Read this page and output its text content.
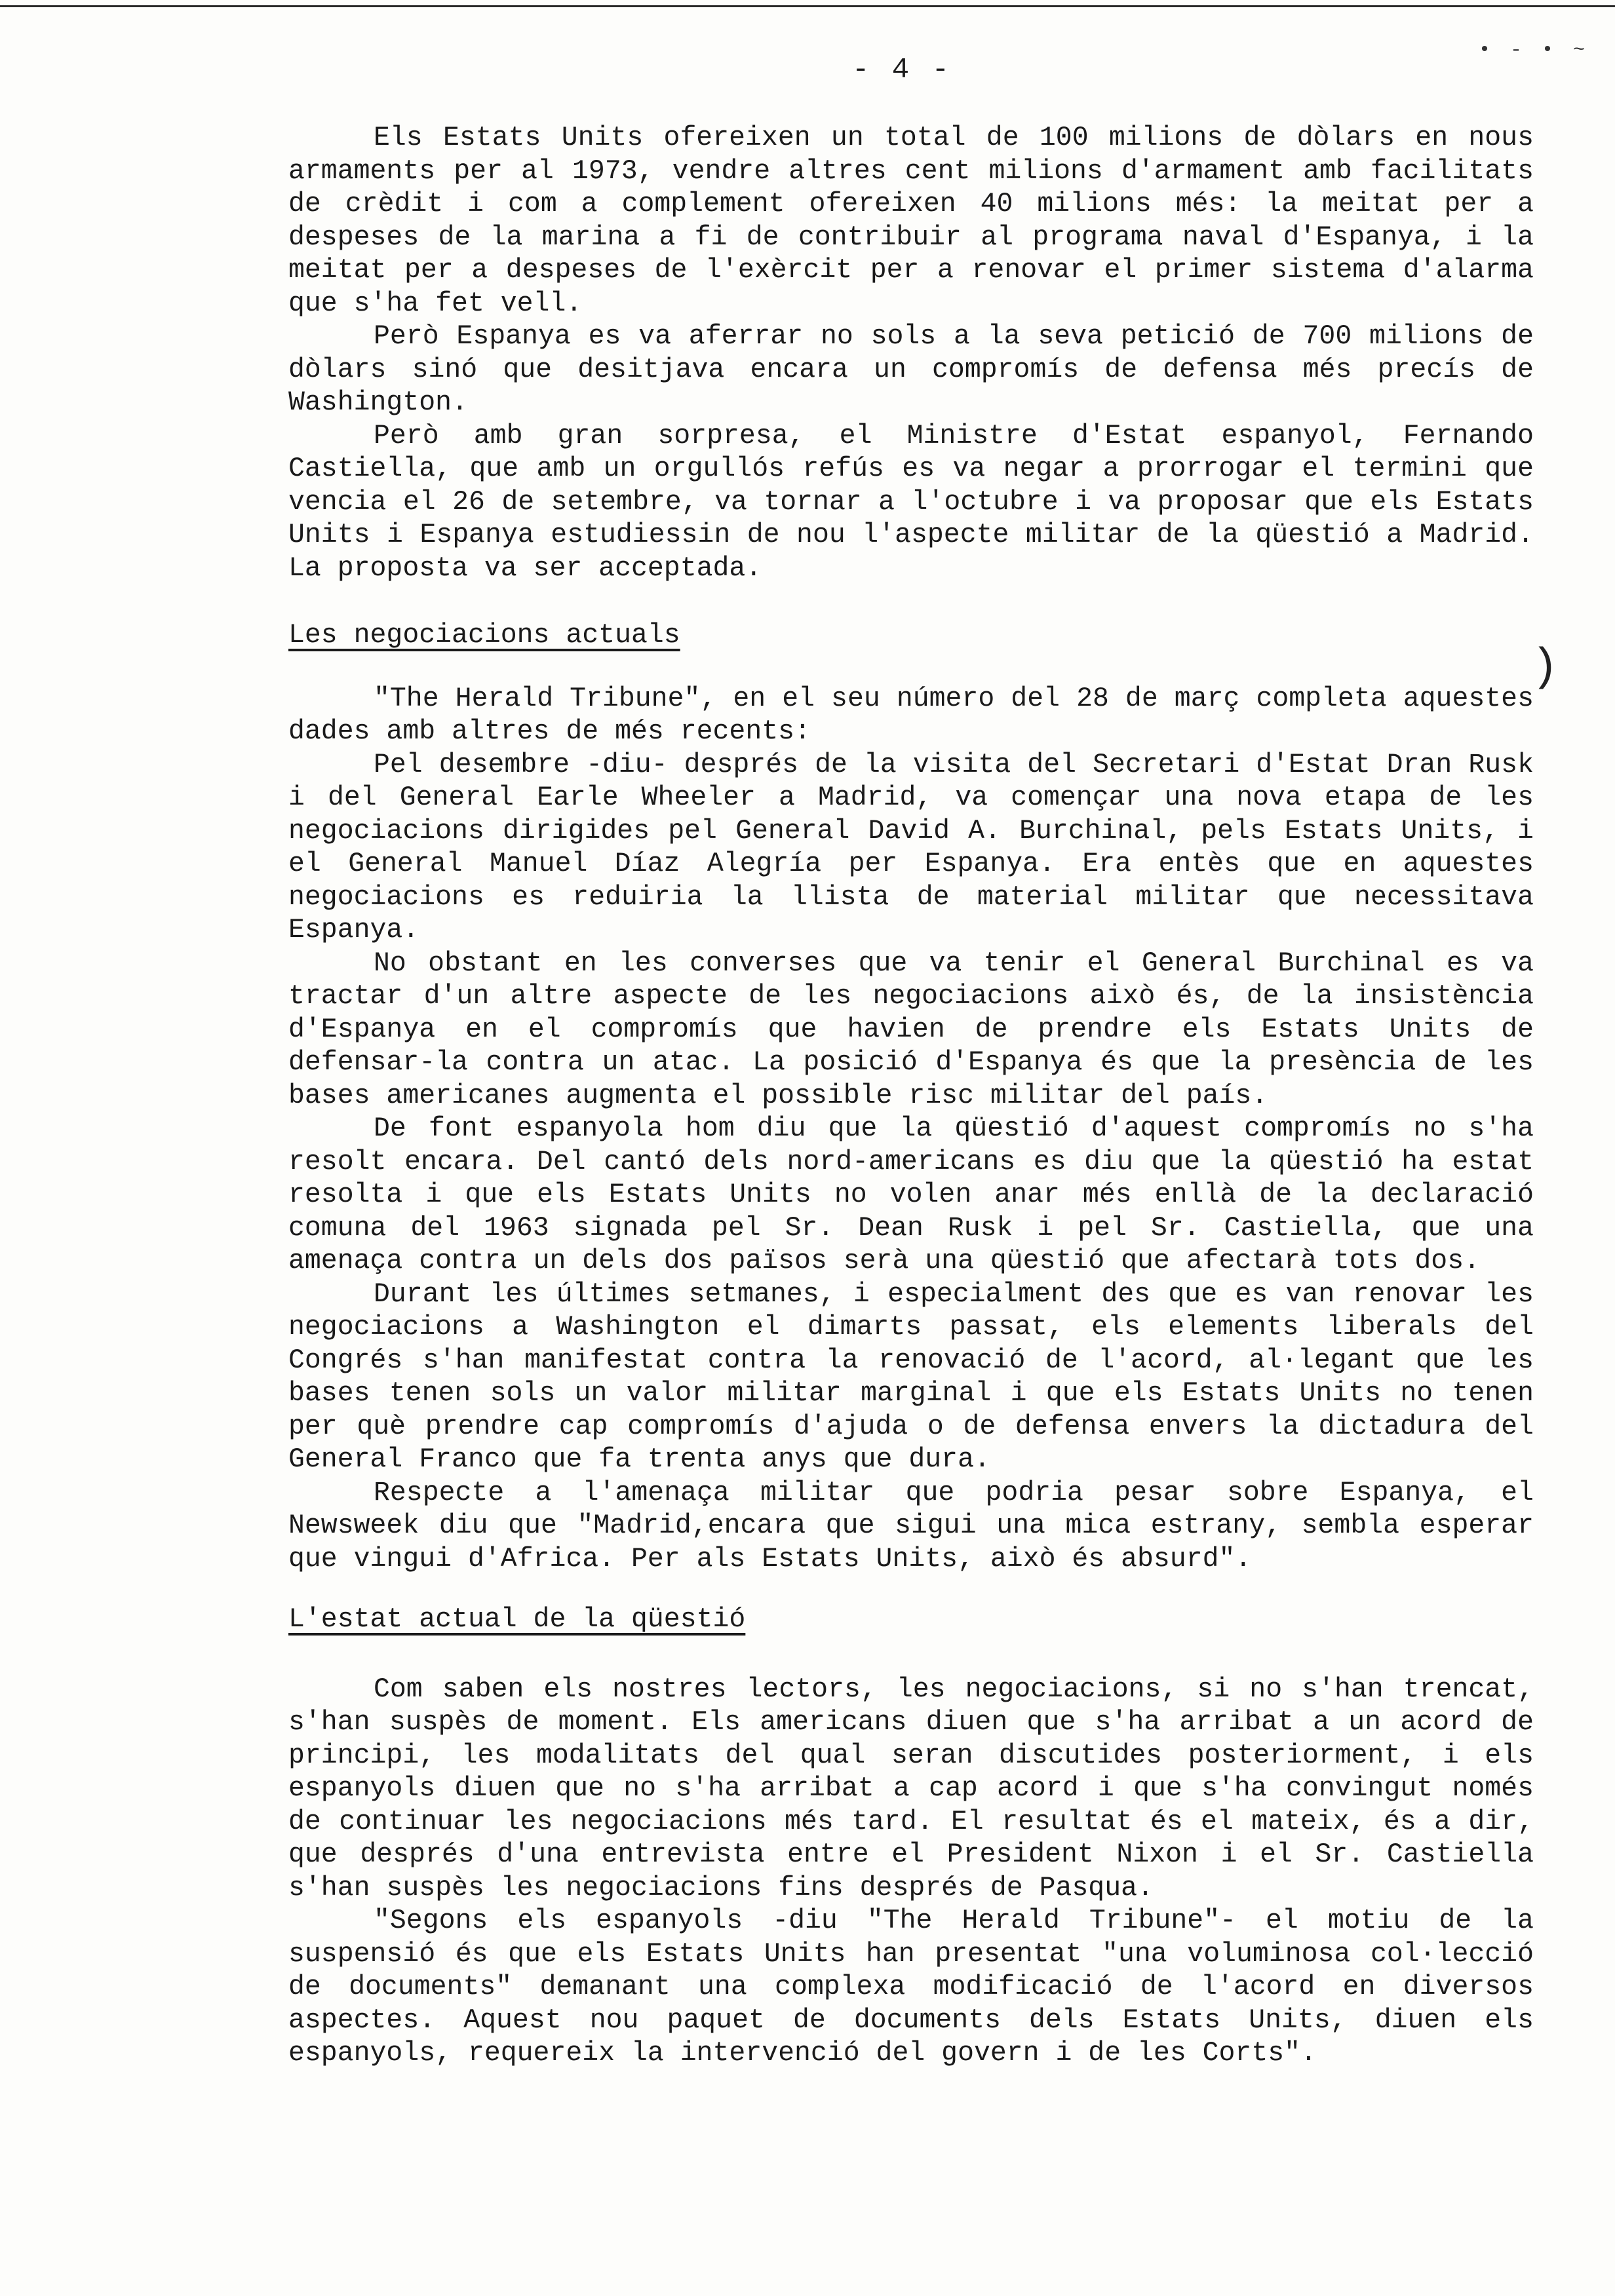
- 4 -
• - • ~
)

Els Estats Units ofereixen un total de 100 milions de dòlars en nous armaments per al 1973, vendre altres cent milions d'armament amb facilitats de crèdit i com a complement ofereixen 40 milions més: la meitat per a despeses de la marina a fi de contribuir al programa naval d'Espanya, i la meitat per a despeses de l'exèrcit per a renovar el primer sistema d'alarma que s'ha fet vell.

Però Espanya es va aferrar no sols a la seva petició de 700 milions de dòlars sinó que desitjava encara un compromís de defensa més precís de Washington.

Però amb gran sorpresa, el Ministre d'Estat espanyol, Fernando Castiella, que amb un orgullós refús es va negar a prorrogar el termini que vencia el 26 de setembre, va tornar a l'octubre i va proposar que els Estats Units i Espanya estudiessin de nou l'aspecte militar de la qüestió a Madrid. La proposta va ser acceptada.

Les negociacions actuals

"The Herald Tribune", en el seu número del 28 de març completa aquestes dades amb altres de més recents:

Pel desembre -diu- després de la visita del Secretari d'Estat Dran Rusk i del General Earle Wheeler a Madrid, va començar una nova etapa de les negociacions dirigides pel General David A. Burchinal, pels Estats Units, i el General Manuel Díaz Alegría per Espanya. Era entès que en aquestes negociacions es reduiria la llista de material militar que necessitava Espanya.

No obstant en les converses que va tenir el General Burchinal es va tractar d'un altre aspecte de les negociacions això és, de la insistència d'Espanya en el compromís que havien de prendre els Estats Units de defensar-la contra un atac. La posició d'Espanya és que la presència de les bases americanes augmenta el possible risc militar del país.

De font espanyola hom diu que la qüestió d'aquest compromís no s'ha resolt encara. Del cantó dels nord-americans es diu que la qüestió ha estat resolta i que els Estats Units no volen anar més enllà de la declaració comuna del 1963 signada pel Sr. Dean Rusk i pel Sr. Castiella, que una amenaça contra un dels dos països serà una qüestió que afectarà tots dos.

Durant les últimes setmanes, i especialment des que es van renovar les negociacions a Washington el dimarts passat, els elements liberals del Congrés s'han manifestat contra la renovació de l'acord, al·legant que les bases tenen sols un valor militar marginal i que els Estats Units no tenen per què prendre cap compromís d'ajuda o de defensa envers la dictadura del General Franco que fa trenta anys que dura.

Respecte a l'amenaça militar que podria pesar sobre Espanya, el Newsweek diu que "Madrid,encara que sigui una mica estrany, sembla esperar que vingui d'Africa. Per als Estats Units, això és absurd".

L'estat actual de la qüestió

Com saben els nostres lectors, les negociacions, si no s'han trencat, s'han suspès de moment. Els americans diuen que s'ha arribat a un acord de principi, les modalitats del qual seran discutides posteriorment, i els espanyols diuen que no s'ha arribat a cap acord i que s'ha convingut només de continuar les negociacions més tard. El resultat és el mateix, és a dir, que després d'una entrevista entre el President Nixon i el Sr. Castiella s'han suspès les negociacions fins després de Pasqua.

"Segons els espanyols -diu "The Herald Tribune"- el motiu de la suspensió és que els Estats Units han presentat "una voluminosa col·lecció de documents" demanant una complexa modificació de l'acord en diversos aspectes. Aquest nou paquet de documents dels Estats Units, diuen els espanyols, requereix la intervenció del govern i de les Corts".
